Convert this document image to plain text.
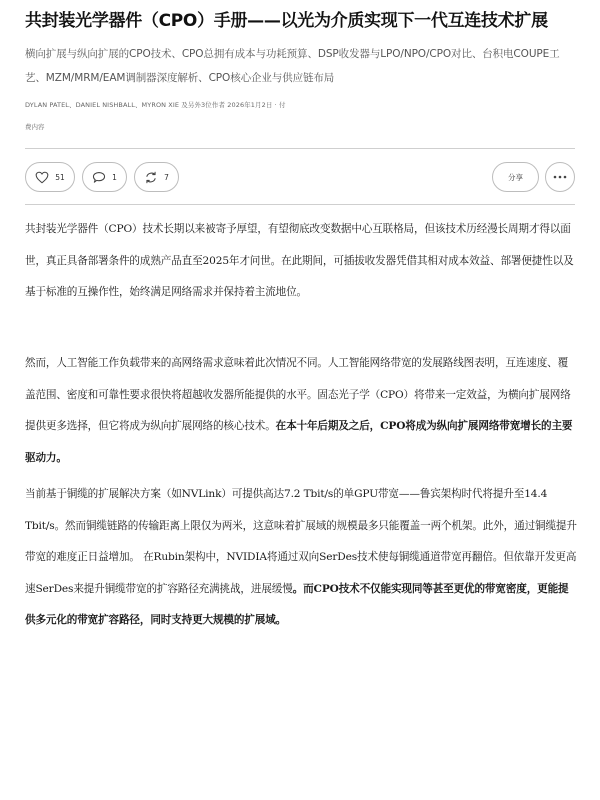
共封装光学器件（CPO）手册——以光为介质实现下一代互连技术扩展
横向扩展与纵向扩展的CPO技术、CPO总拥有成本与功耗预算、DSP收发器与LPO/NPO/CPO对比、台积电COUPE工艺、MZM/MRM/EAM调制器深度解析、CPO核心企业与供应链布局
DYLAN PATEL、DANIEL NISHBALL、MYRON XIE 及另外3位作者 2026年1月2日 · 付
费内容
51	1	7	分享

共封装光学器件（CPO）技术长期以来被寄予厚望，有望彻底改变数据中心互联格局，但该技术历经漫长周期才得以面世，真正具备部署条件的成熟产品直至2025年才问世。在此期间，可插拔收发器凭借其相对成本效益、部署便捷性以及基于标准的互操作性，始终满足网络需求并保持着主流地位。

然而，人工智能工作负载带来的高网络需求意味着此次情况不同。人工智能网络带宽的发展路线图表明，互连速度、覆盖范围、密度和可靠性要求很快将超越收发器所能提供的水平。固态光子学（CPO）将带来一定效益，为横向扩展网络提供更多选择，但它将成为纵向扩展网络的核心技术。在本十年后期及之后，CPO将成为纵向扩展网络带宽增长的主要驱动力。

当前基于铜缆的扩展解决方案（如NVLink）可提供高达7.2 Tbit/s的单GPU带宽——鲁宾架构时代将提升至14.4 Tbit/s。然而铜缆链路的传输距离上限仅为两米，这意味着扩展域的规模最多只能覆盖一两个机架。此外，通过铜缆提升带宽的难度正日益增加。 在Rubin架构中，NVIDIA将通过双向SerDes技术使每铜缆通道带宽再翻倍。但依靠开发更高速SerDes来提升铜缆带宽的扩容路径充满挑战，进展缓慢。而CPO技术不仅能实现同等甚至更优的带宽密度，更能提供多元化的带宽扩容路径，同时支持更大规模的扩展域。
